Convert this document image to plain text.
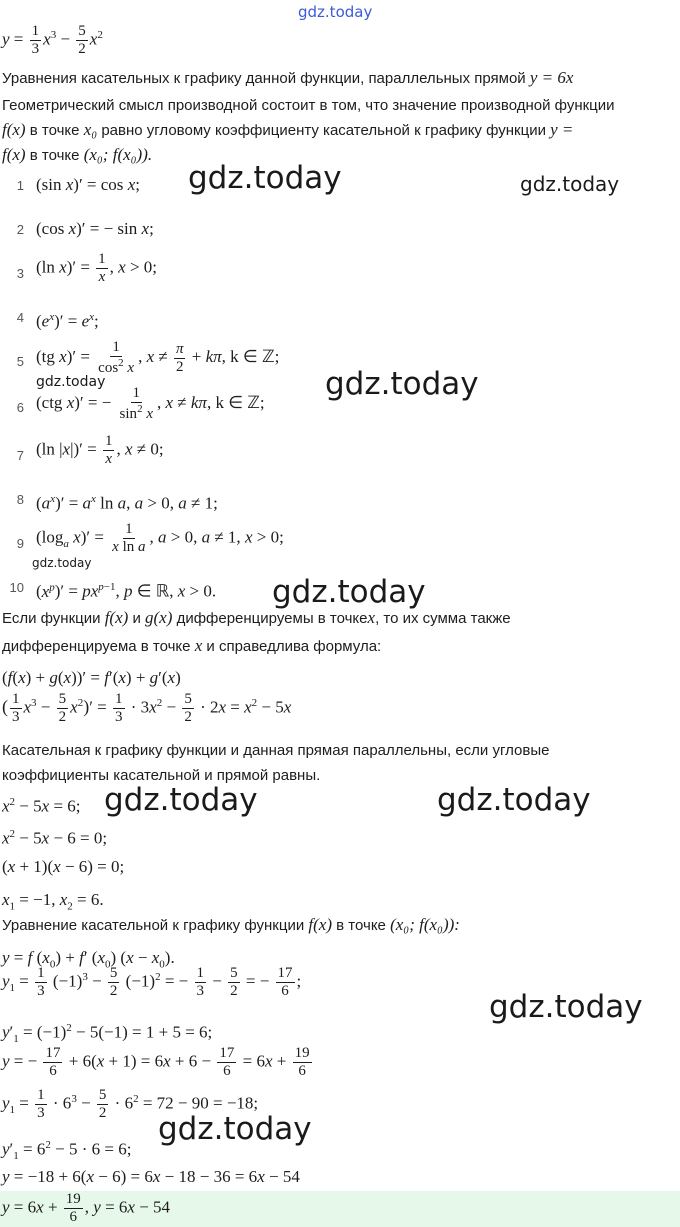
gdz.today
$y = \frac{1}{3} x^3 - \frac{5}{2} x^2$
Уравнения касательных к графику данной функции, параллельных прямой y = 6x
Геометрический смысл производной состоит в том, что значение производной функции
f(x) в точке x₀ равно угловому коэффициенту касательной к графику функции y =
f(x) в точке (x₀; f(x₀)).
1 (sin x)′ = cos x;
2 (cos x)′ = − sin x;
3 (ln $x)' = \frac{1}{x}$ , x > 0;
4 $(e^x)' = e^x$;
5 (tg $x)' = \frac{1}{\cos^2 x}$ , $x \ne \frac{\pi}{2} + k\pi$, k ∈ ℤ;
6 (ctg x)′ = − $\frac{1}{\sin^2 x}$ , x ≠ kπ, k ∈ ℤ;
7 (ln $|x|)' = \frac{1}{x}$ , x ≠ 0;
8 $(a^x)' = a^x$ ln a, a > 0, a ≠ 1;
9 ($\log_a$ $x)' = \frac{1}{\text{x ln a}}$ , a > 0, a ≠ 1, x > 0;
10 $(x^p)' = px^{p-1}$, p ∈ ℝ, x > 0.
Если функции f(x) и g(x) дифференцируемы в точкеx, то их сумма также
дифференцируема в точке x и справедлива формула:
(f(x) + g(x))′ = f′(x) + g′(x)
( $\frac{1}{3} x^3 - \frac{5}{2} x^2)' = \frac{1}{3} \cdot 3x^2 - \frac{5}{2} \cdot 2x = x^2 - 5x$
Касательная к графику функции и данная прямая параллельны, если угловые
коэффициенты касательной и прямой равны.
$x^2 - 5x = 6$;
$x^2 - 5x - 6 = 0$;
(x + 1)(x − 6) = 0;
$x_1 = -1$, $x_2 = 6$.
Уравнение касательной к графику функции f(x) в точке (x₀; f(x₀)):
y = f $(x_0) + f'$ $(x_0) (x - x_0)$.
$y_1 = \frac{1}{3} (-1)^3 - \frac{5}{2} (-1)^2$ = − $\frac{1}{3} - \frac{5}{2}$ = − $\frac{17}{6}$ ;
$y'_1 = (-1)^2 - 5(-1) = 1 + 5 = 6$;
y = − $\frac{17}{6} + 6(x + 1) = 6x + 6 - \frac{17}{6} = 6x + \frac{19}{6}$
$y_1 = \frac{1}{3} \cdot 6^3 - \frac{5}{2} \cdot 6^2 = 72 - 90 = -18$;
$y'_1 = 6^2 - 5 \cdot 6 = 6$;
y = −18 + 6(x − 6) = 6x − 18 − 36 = 6x − 54
$y = 6x + \frac{19}{6}$ , y = 6x − 54
gdz.today	gdz.today
gdz.today	gdz.today
gdz.today
gdz.today
gdz.today	gdz.today
gdz.today
gdz.today
